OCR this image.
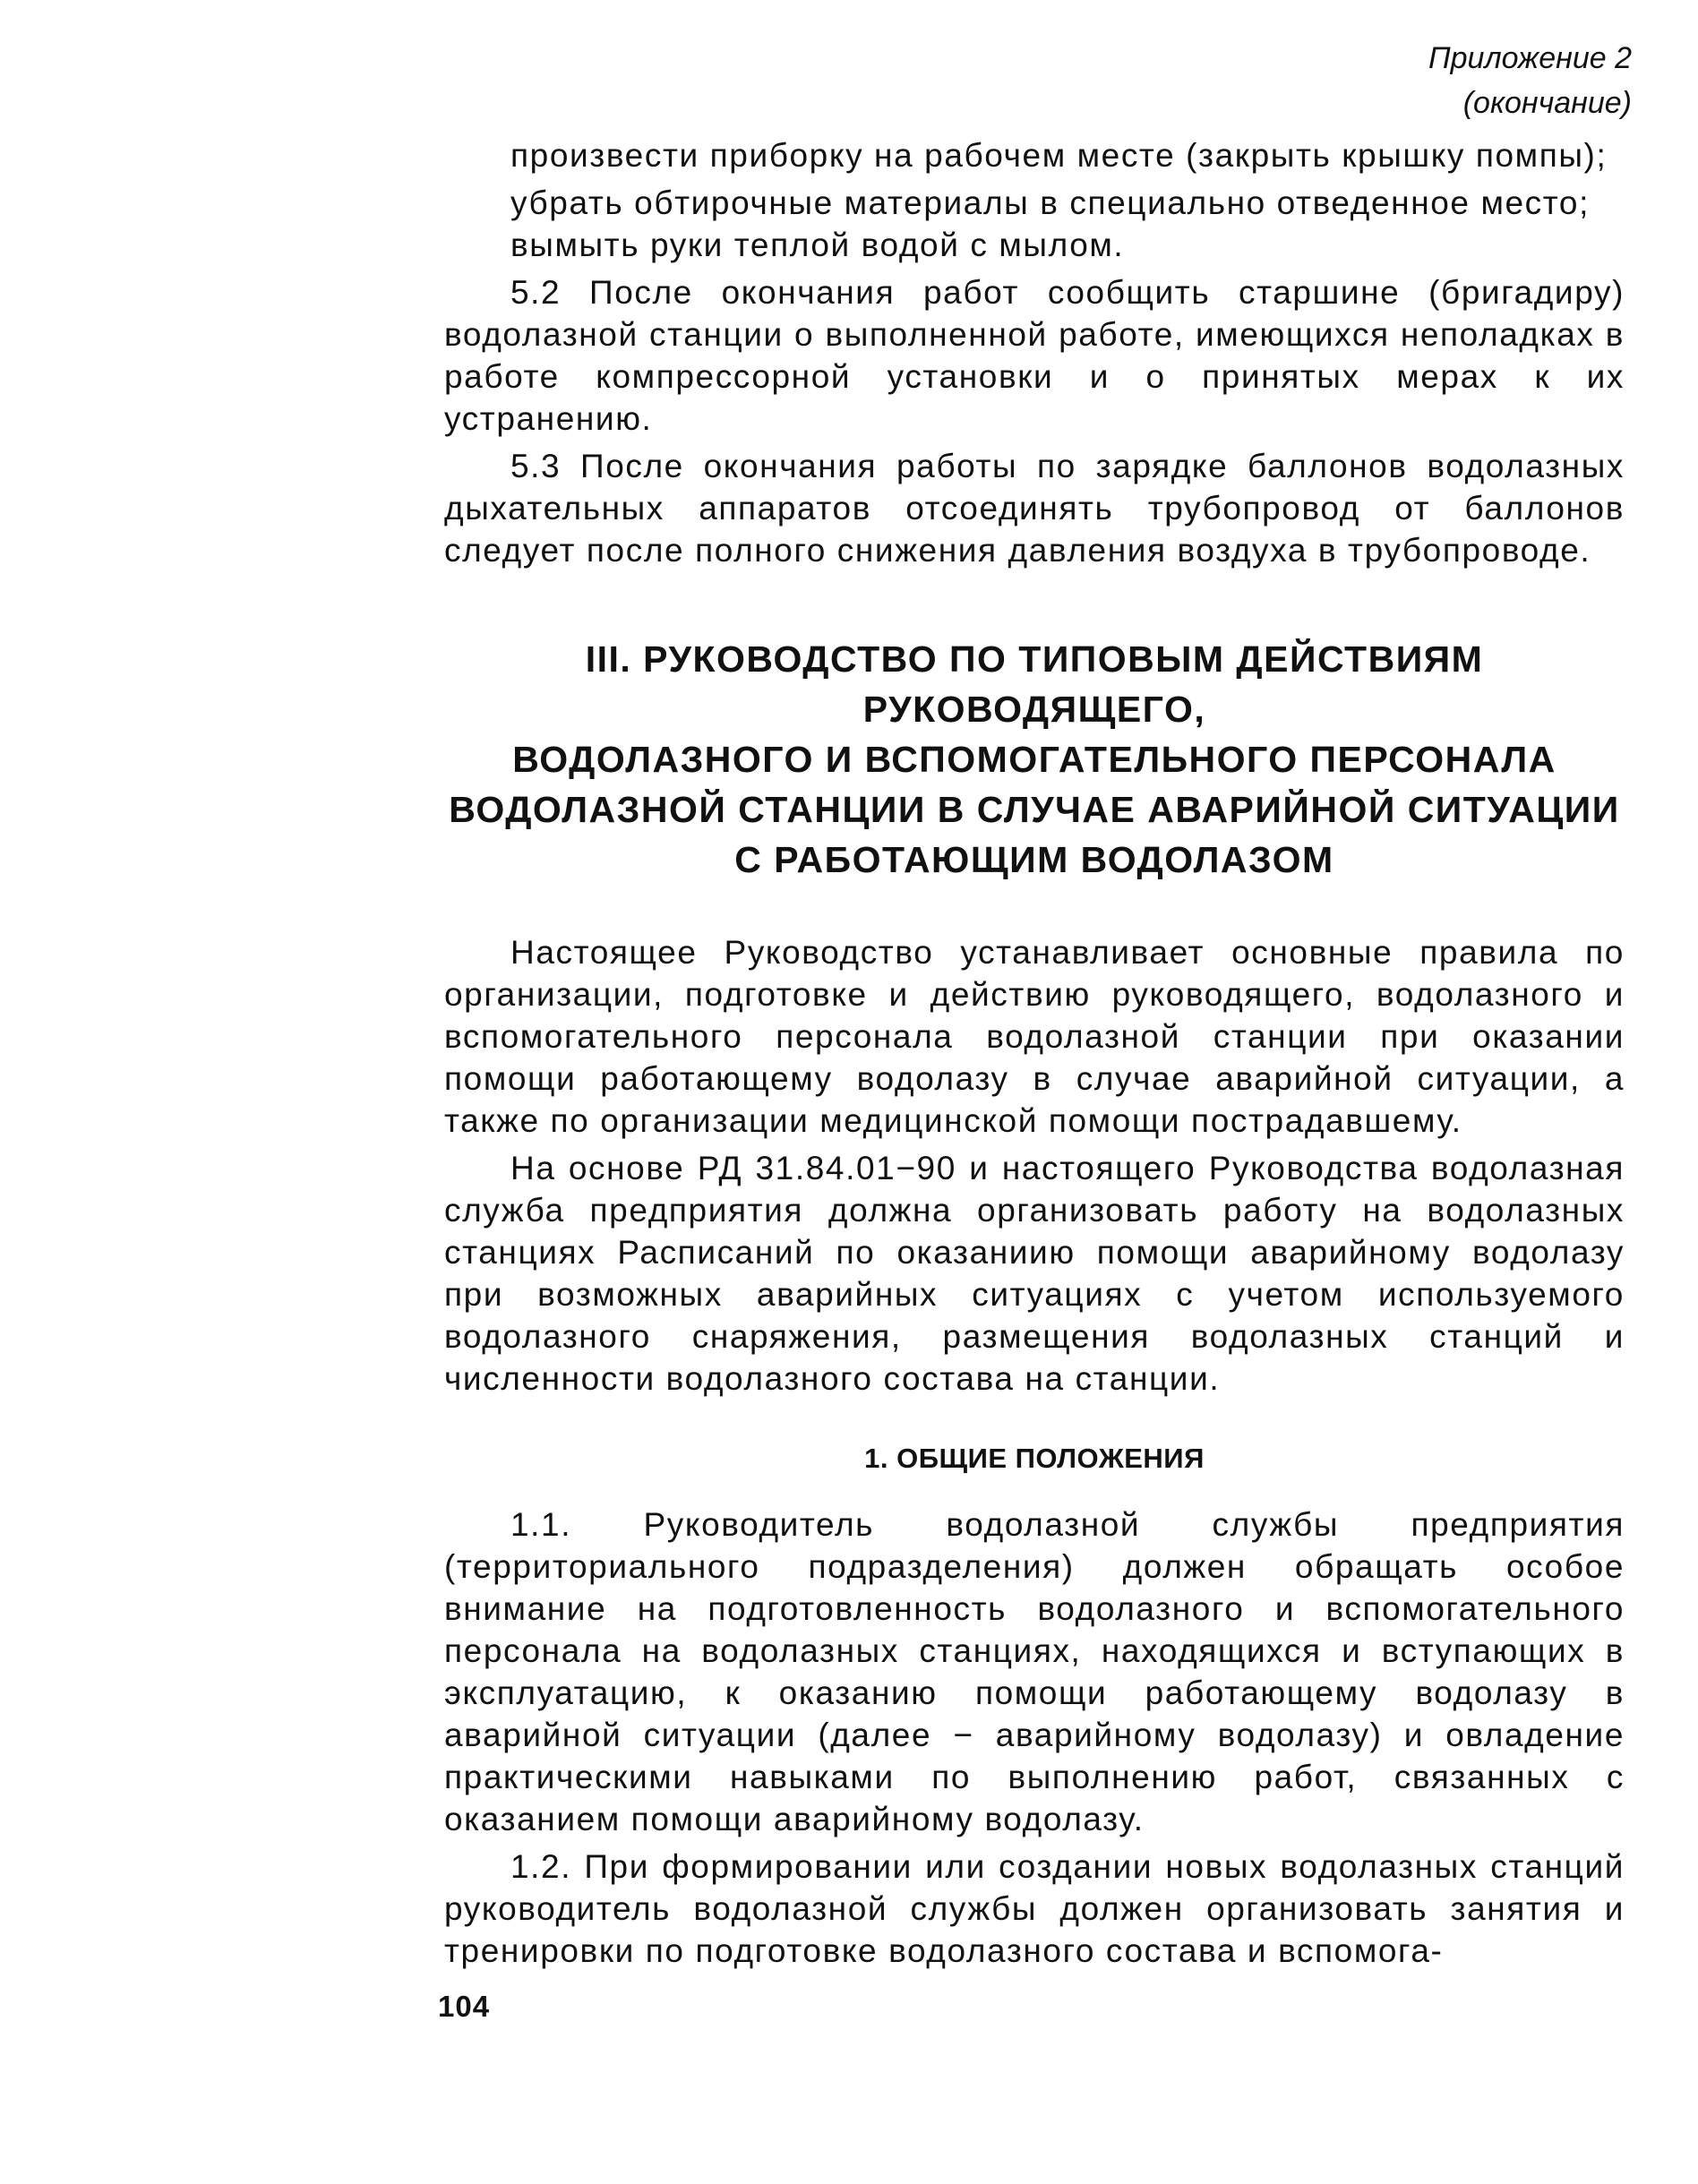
Приложение 2
(окончание)

произвести приборку на рабочем месте (закрыть крышку помпы);

убрать обтирочные материалы в специально отведенное место;

вымыть руки теплой водой с мылом.

5.2 После окончания работ сообщить старшине (бригадиру) водолазной станции о выполненной работе, имеющихся неполадках в работе компрессорной установки и о принятых мерах к их устранению.

5.3 После окончания работы по зарядке баллонов водолазных дыхательных аппаратов отсоединять трубопровод от баллонов следует после полного снижения давления воздуха в трубопроводе.

III. РУКОВОДСТВО ПО ТИПОВЫМ ДЕЙСТВИЯМ РУКОВОДЯЩЕГО,
ВОДОЛАЗНОГО И ВСПОМОГАТЕЛЬНОГО ПЕРСОНАЛА
ВОДОЛАЗНОЙ СТАНЦИИ В СЛУЧАЕ АВАРИЙНОЙ СИТУАЦИИ
С РАБОТАЮЩИМ ВОДОЛАЗОМ

Настоящее Руководство устанавливает основные правила по организации, подготовке и действию руководящего, водолазного и вспомогательного персонала водолазной станции при оказании помощи работающему водолазу в случае аварийной ситуации, а также по организации медицинской помощи пострадавшему.

На основе РД 31.84.01−90 и настоящего Руководства водолазная служба предприятия должна организовать работу на водолазных станциях Расписаний по оказаниию помощи аварийному водолазу при возможных аварийных ситуациях с учетом используемого водолазного снаряжения, размещения водолазных станций и численности водолазного состава на станции.

1. ОБЩИЕ ПОЛОЖЕНИЯ

1.1. Руководитель водолазной службы предприятия (территориального подразделения) должен обращать особое внимание на подготовленность водолазного и вспомогательного персонала на водолазных станциях, находящихся и вступающих в эксплуатацию, к оказанию помощи работающему водолазу в аварийной ситуации (далее − аварийному водолазу) и овладение практическими навыками по выполнению работ, связанных с оказанием помощи аварийному водолазу.

1.2. При формировании или создании новых водолазных станций руководитель водолазной службы должен организовать занятия и тренировки по подготовке водолазного состава и вспомога-

104
